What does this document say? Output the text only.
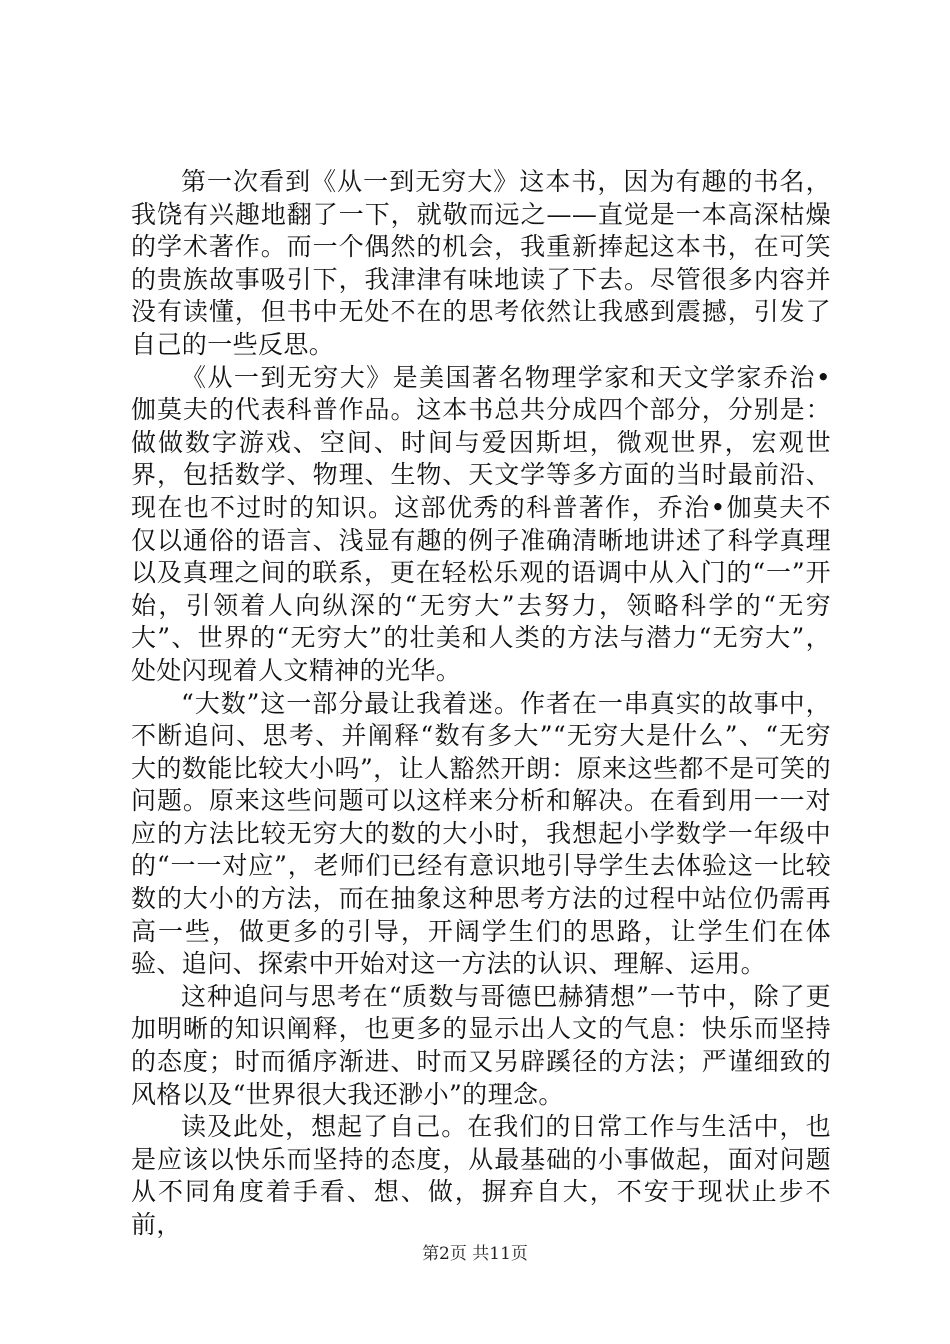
第一次看到《从一到无穷大》这本书，因为有趣的书名，我饶有兴趣地翻了一下，就敬而远之——直觉是一本高深枯燥的学术著作。而一个偶然的机会，我重新捧起这本书，在可笑的贵族故事吸引下，我津津有味地读了下去。尽管很多内容并没有读懂，但书中无处不在的思考依然让我感到震撼，引发了自己的一些反思。

《从一到无穷大》是美国著名物理学家和天文学家乔治•伽莫夫的代表科普作品。这本书总共分成四个部分，分别是：做做数字游戏、空间、时间与爱因斯坦，微观世界，宏观世界，包括数学、物理、生物、天文学等多方面的当时最前沿、现在也不过时的知识。这部优秀的科普著作，乔治•伽莫夫不仅以通俗的语言、浅显有趣的例子准确清晰地讲述了科学真理以及真理之间的联系，更在轻松乐观的语调中从入门的“一”开始，引领着人向纵深的“无穷大”去努力，领略科学的“无穷大”、世界的“无穷大”的壮美和人类的方法与潜力“无穷大”，处处闪现着人文精神的光华。

“大数”这一部分最让我着迷。作者在一串真实的故事中，不断追问、思考、并阐释“数有多大”“无穷大是什么”、“无穷大的数能比较大小吗”，让人豁然开朗：原来这些都不是可笑的问题。原来这些问题可以这样来分析和解决。在看到用一一对应的方法比较无穷大的数的大小时，我想起小学数学一年级中的“一一对应”，老师们已经有意识地引导学生去体验这一比较数的大小的方法，而在抽象这种思考方法的过程中站位仍需再高一些，做更多的引导，开阔学生们的思路，让学生们在体验、追问、探索中开始对这一方法的认识、理解、运用。

这种追问与思考在“质数与哥德巴赫猜想”一节中，除了更加明晰的知识阐释，也更多的显示出人文的气息：快乐而坚持的态度；时而循序渐进、时而又另辟蹊径的方法；严谨细致的风格以及“世界很大我还渺小”的理念。

读及此处，想起了自己。在我们的日常工作与生活中，也是应该以快乐而坚持的态度，从最基础的小事做起，面对问题从不同角度着手看、想、做，摒弃自大，不安于现状止步不前，

第2页 共11页
